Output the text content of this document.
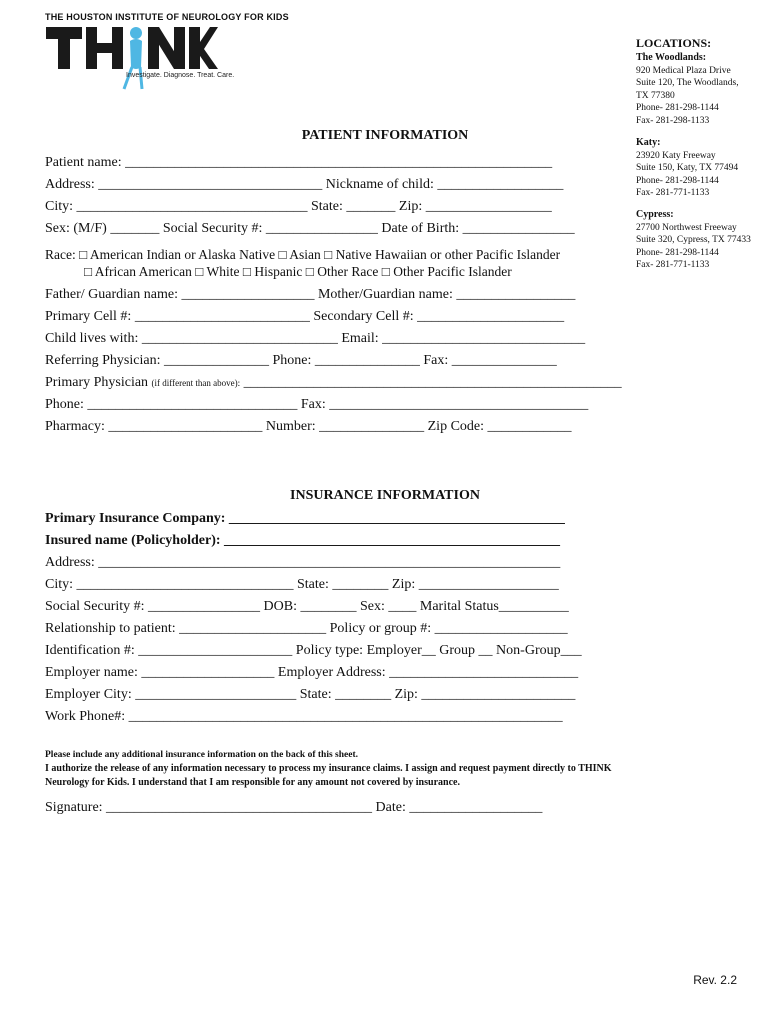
THE HOUSTON INSTITUTE OF NEUROLOGY FOR KIDS
Investigate. Diagnose. Treat. Care.
LOCATIONS:
The Woodlands:
920 Medical Plaza Drive
Suite 120, The Woodlands,
TX 77380
Phone- 281-298-1144
Fax- 281-298-1133
Katy:
23920 Katy Freeway
Suite 150, Katy, TX 77494
Phone- 281-298-1144
Fax- 281-771-1133
Cypress:
27700 Northwest Freeway
Suite 320, Cypress, TX 77433
Phone- 281-298-1144
Fax- 281-771-1133
PATIENT INFORMATION
Patient name: _____________________________________________________________
Address: ________________________________ Nickname of child: __________________
City: _________________________________ State: _______ Zip: __________________
Sex: (M/F) _______ Social Security #: ________________ Date of Birth: ________________
Race: □ American Indian or Alaska Native □ Asian □ Native Hawaiian or other Pacific Islander
□ African American □ White □ Hispanic □ Other Race □ Other Pacific Islander
Father/ Guardian name: ___________________ Mother/Guardian name: _________________
Primary Cell #: _________________________ Secondary Cell #: _____________________
Child lives with: ____________________________ Email: _____________________________
Referring Physician: _______________ Phone: _______________ Fax: _______________
Primary Physician (if different than above): ______________________________________________________
Phone: ______________________________ Fax: _____________________________________
Pharmacy: ______________________ Number: _______________ Zip Code: ____________
INSURANCE INFORMATION
Primary Insurance Company: ________________________________________________
Insured name (Policyholder): ________________________________________________
Address: __________________________________________________________________
City: _______________________________ State: ________ Zip: ____________________
Social Security #: ________________ DOB: ________ Sex: ____ Marital Status__________
Relationship to patient: _____________________ Policy or group #: ___________________
Identification #: ______________________ Policy type: Employer__ Group __ Non-Group___
Employer name: ___________________ Employer Address: ___________________________
Employer City: _______________________ State: ________ Zip: ______________________
Work Phone#: ______________________________________________________________
Please include any additional insurance information on the back of this sheet.
I authorize the release of any information necessary to process my insurance claims. I assign and request payment directly to THINK
Neurology for Kids. I understand that I am responsible for any amount not covered by insurance.
Signature: ______________________________________ Date: ___________________
Rev. 2.2
